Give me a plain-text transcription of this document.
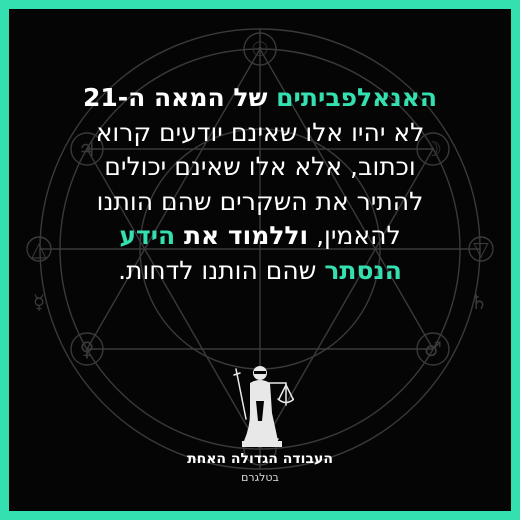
☉
☽
♂
♃
♀
△	▽
♄
☿
האנאלפביתים של המאה ה-21
לא יהיו אלו שאינם יודעים קרוא
וכתוב, אלא אלו שאינם יכולים
להתיר את השקרים שהם הותנו
להאמין, וללמוד את הידע
הנסתר שהם הותנו לדחות.
העבודה הגדולה האחת
בטלגרם
